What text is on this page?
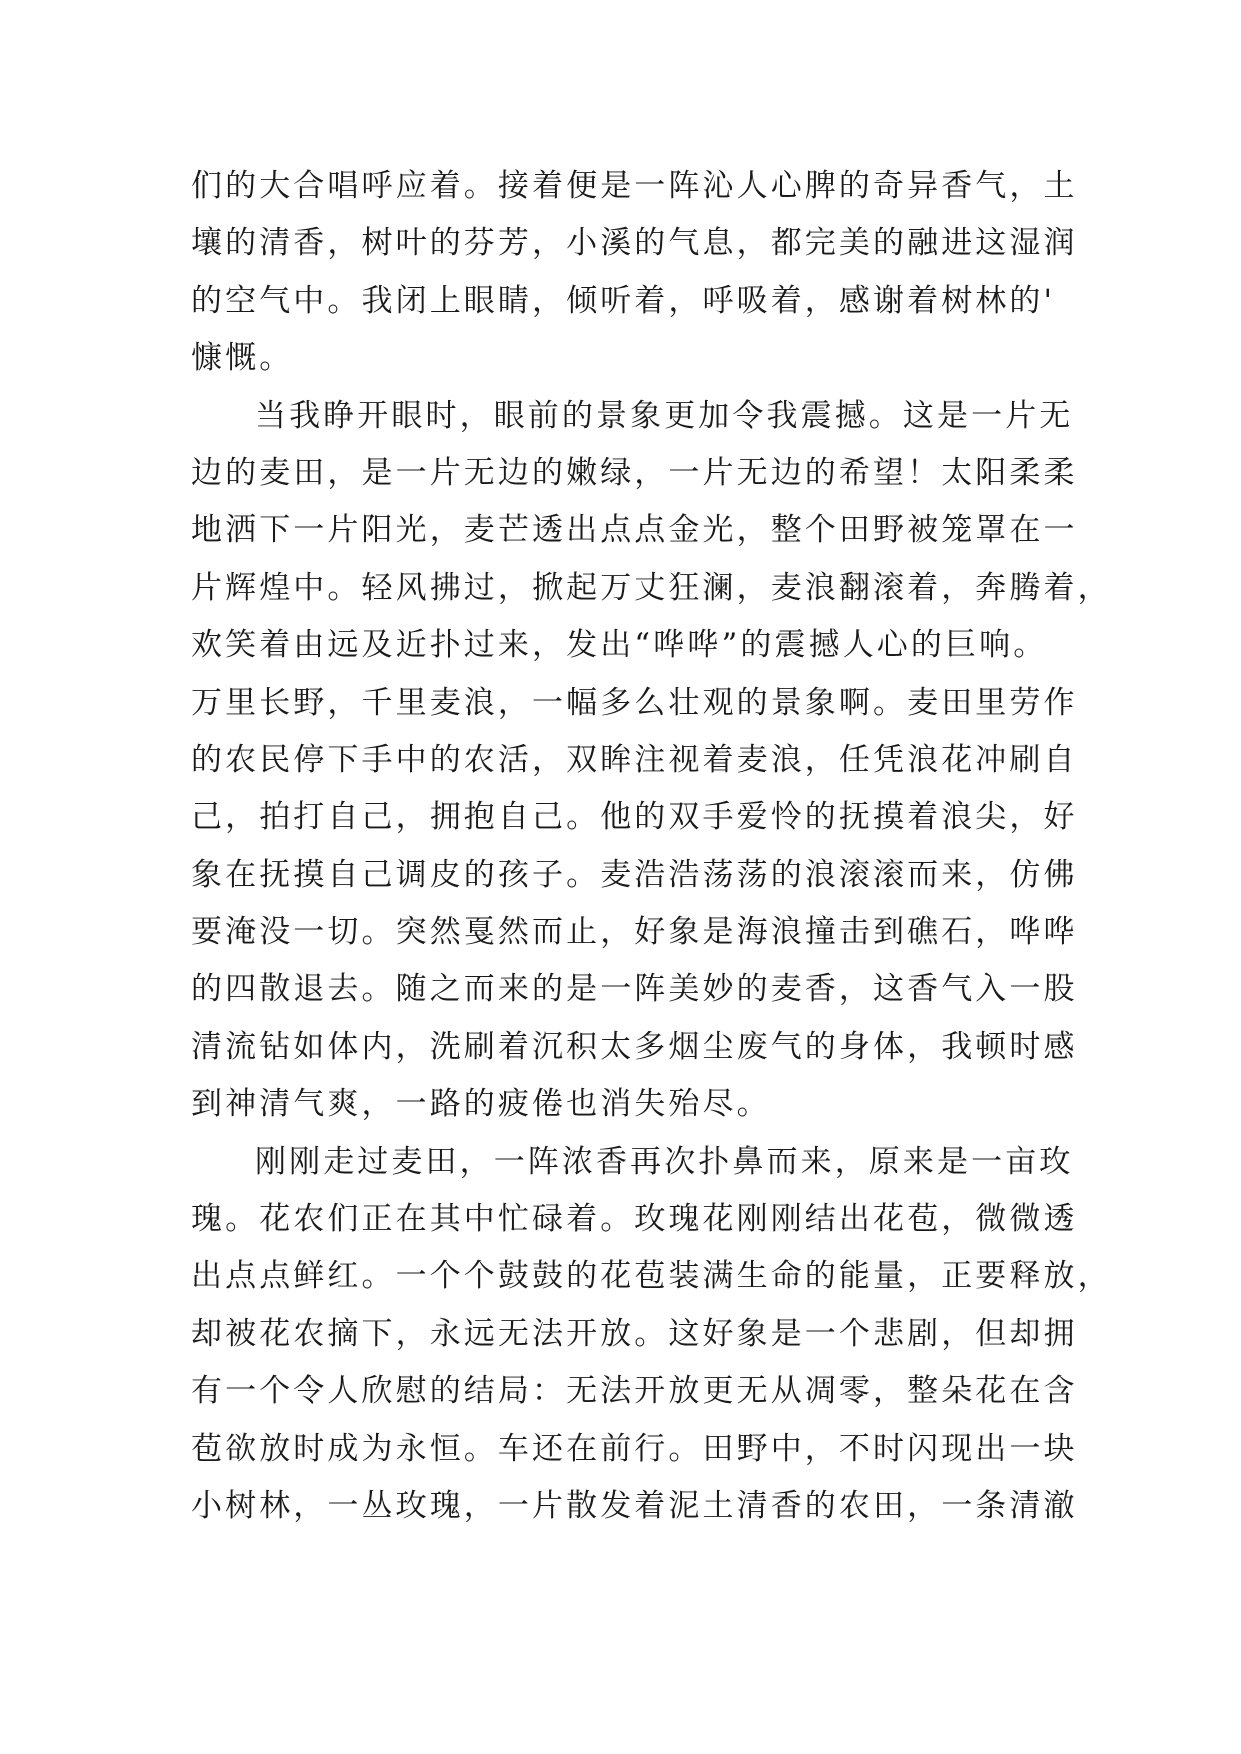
们的大合唱呼应着。接着便是一阵沁人心脾的奇异香气，土
壤的清香，树叶的芬芳，小溪的气息，都完美的融进这湿润
的空气中。我闭上眼睛，倾听着，呼吸着，感谢着树林的'
慷慨。
当我睁开眼时，眼前的景象更加令我震撼。这是一片无
边的麦田，是一片无边的嫩绿，一片无边的希望！太阳柔柔
地洒下一片阳光，麦芒透出点点金光，整个田野被笼罩在一
片辉煌中。轻风拂过，掀起万丈狂澜，麦浪翻滚着，奔腾着，
欢笑着由远及近扑过来，发出“哗哗”的震撼人心的巨响。
万里长野，千里麦浪，一幅多么壮观的景象啊。麦田里劳作
的农民停下手中的农活，双眸注视着麦浪，任凭浪花冲刷自
己，拍打自己，拥抱自己。他的双手爱怜的抚摸着浪尖，好
象在抚摸自己调皮的孩子。麦浩浩荡荡的浪滚滚而来，仿佛
要淹没一切。突然戛然而止，好象是海浪撞击到礁石，哗哗
的四散退去。随之而来的是一阵美妙的麦香，这香气入一股
清流钻如体内，洗刷着沉积太多烟尘废气的身体，我顿时感
到神清气爽，一路的疲倦也消失殆尽。
刚刚走过麦田，一阵浓香再次扑鼻而来，原来是一亩玫
瑰。花农们正在其中忙碌着。玫瑰花刚刚结出花苞，微微透
出点点鲜红。一个个鼓鼓的花苞装满生命的能量，正要释放，
却被花农摘下，永远无法开放。这好象是一个悲剧，但却拥
有一个令人欣慰的结局：无法开放更无从凋零，整朵花在含
苞欲放时成为永恒。车还在前行。田野中，不时闪现出一块
小树林，一丛玫瑰，一片散发着泥土清香的农田，一条清澈
